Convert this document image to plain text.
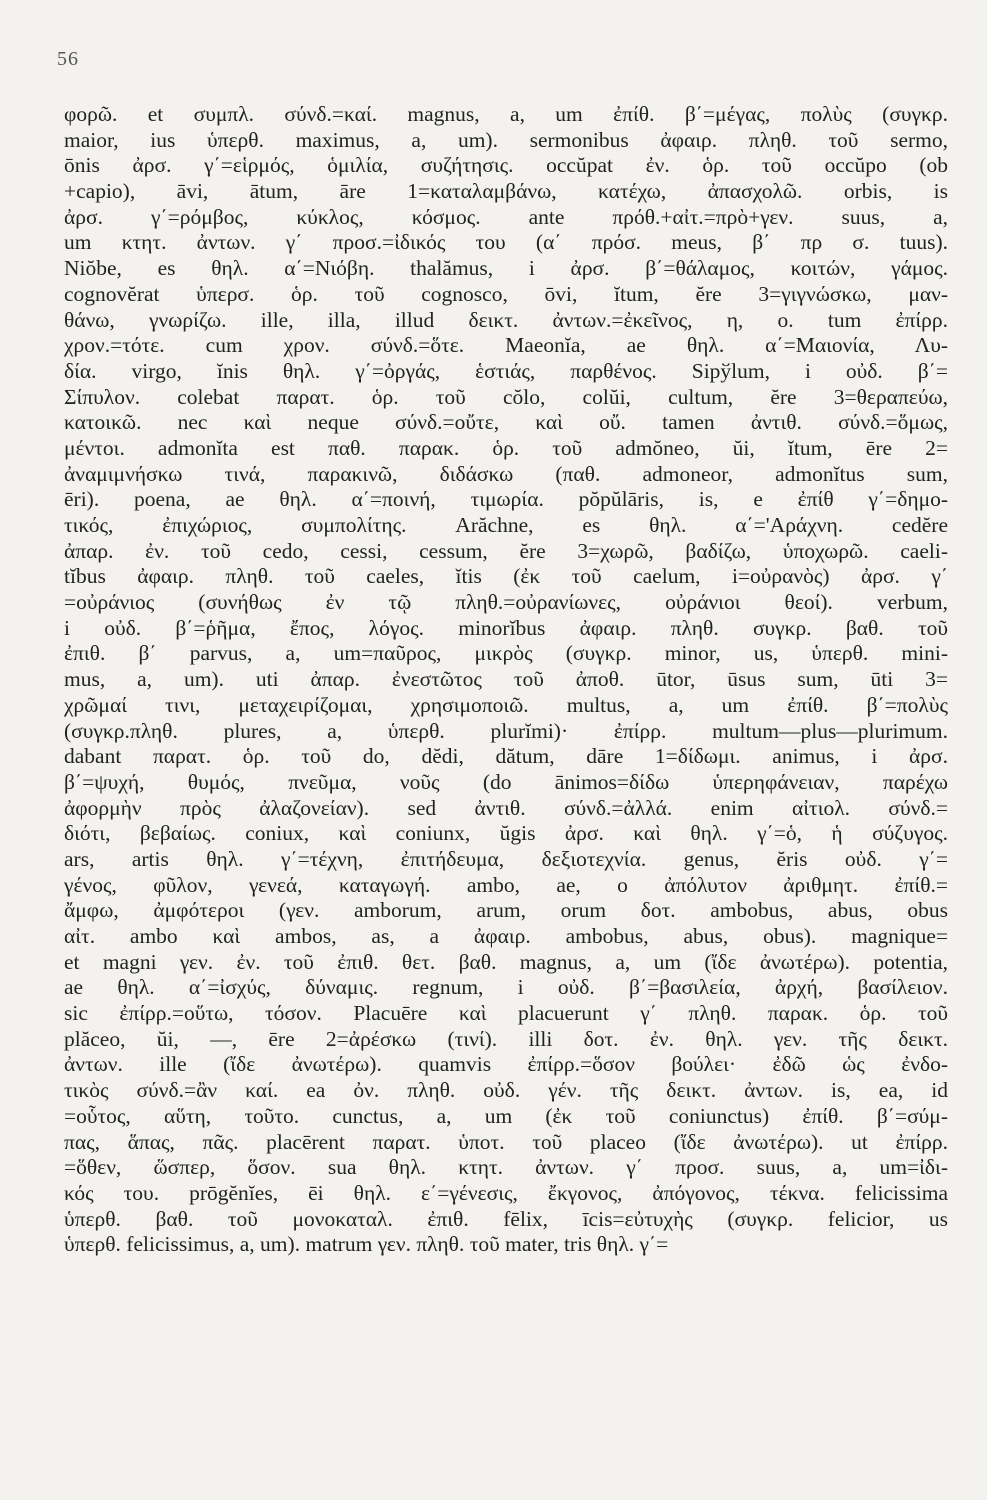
56
φορῶ. et συμπλ. σύνδ.=καί. magnus, a, um ἐπίθ. β΄=μέγας, πολὺς (συγκρ.
maior, ius ὑπερθ. maximus, a, um). sermonibus ἀφαιρ. πληθ. τοῦ sermo,
ōnis ἀρσ. γ΄=εἱρμός, ὁμιλία, συζήτησις. occŭpat ἐν. ὁρ. τοῦ occŭpo (ob
+capio), āvi, ātum, āre 1=καταλαμβάνω, κατέχω, ἀπασχολῶ. orbis, is
ἀρσ. γ΄=ρόμβος, κύκλος, κόσμος. ante πρόθ.+αἰτ.=πρὸ+γεν. suus, a,
um κτητ. ἀντων. γ΄ προσ.=ἰδικός του (α΄ πρόσ. meus, β΄ πρ σ. tuus).
Niŏbe, es θηλ. α΄=Νιόβη. thalămus, i ἀρσ. β΄=θάλαμος, κοιτών, γάμος.
cognovĕrat ὑπερσ. ὁρ. τοῦ cognosco, ōvi, ĭtum, ĕre 3=γιγνώσκω, μαν-
θάνω, γνωρίζω. ille, illa, illud δεικτ. ἀντων.=ἐκεῖνος, η, ο. tum ἐπίρρ.
χρον.=τότε. cum χρον. σύνδ.=ὅτε. Maeonĭa, ae θηλ. α΄=Μαιονία, Λυ-
δία. virgo, ĭnis θηλ. γ΄=ὀργάς, ἑστιάς, παρθένος. Sipўlum, i οὐδ. β΄=
Σίπυλον. colebat παρατ. ὁρ. τοῦ cŏlo, colŭi, cultum, ĕre 3=θεραπεύω,
κατοικῶ. nec καὶ neque σύνδ.=οὔτε, καὶ οὔ. tamen ἀντιθ. σύνδ.=ὅμως,
μέντοι. admonĭta est παθ. παρακ. ὁρ. τοῦ admŏneo, ŭi, ĭtum, ēre 2=
ἀναμιμνήσκω τινά, παρακινῶ, διδάσκω (παθ. admoneor, admonĭtus sum,
ēri). poena, ae θηλ. α΄=ποινή, τιμωρία. pŏpŭlāris, is, e ἐπίθ γ΄=δημο-
τικός, ἐπιχώριος, συμπολίτης. Arăchne, es θηλ. α΄='Αράχνη. cedĕre
ἀπαρ. ἐν. τοῦ cedo, cessi, cessum, ĕre 3=χωρῶ, βαδίζω, ὑποχωρῶ. caeli-
tĭbus ἀφαιρ. πληθ. τοῦ caeles, ĭtis (ἐκ τοῦ caelum, i=οὐρανὸς) ἀρσ. γ΄
=οὐράνιος (συνήθως ἐν τῷ πληθ.=οὐρανίωνες, οὐράνιοι θεοί). verbum,
i οὐδ. β΄=ῥῆμα, ἔπος, λόγος. minorĭbus ἀφαιρ. πληθ. συγκρ. βαθ. τοῦ
ἐπιθ. β΄ parvus, a, um=παῦρος, μικρὸς (συγκρ. minor, us, ὑπερθ. mini-
mus, a, um). uti ἀπαρ. ἐνεστῶτος τοῦ ἀποθ. ūtor, ūsus sum, ūti 3=
χρῶμαί τινι, μεταχειρίζομαι, χρησιμοποιῶ. multus, a, um ἐπίθ. β΄=πολὺς
(συγκρ.πληθ. plures, a, ὑπερθ. plurĭmi)· ἐπίρρ. multum—plus—plurimum.
dabant παρατ. ὁρ. τοῦ do, dĕdi, dătum, dāre 1=δίδωμι. animus, i ἀρσ.
β΄=ψυχή, θυμός, πνεῦμα, νοῦς (do ānimos=δίδω ὑπερηφάνειαν, παρέχω
ἀφορμὴν πρὸς ἀλαζονείαν). sed ἀντιθ. σύνδ.=ἀλλά. enim αἰτιολ. σύνδ.=
διότι, βεβαίως. coniux, καὶ coniunx, ŭgis ἀρσ. καὶ θηλ. γ΄=ὁ, ἡ σύζυγος.
ars, artis θηλ. γ΄=τέχνη, ἐπιτήδευμα, δεξιοτεχνία. genus, ĕris οὐδ. γ΄=
γένος, φῦλον, γενεά, καταγωγή. ambo, ae, o ἀπόλυτον ἀριθμητ. ἐπίθ.=
ἄμφω, ἀμφότεροι (γεν. amborum, arum, orum δοτ. ambobus, abus, obus
αἰτ. ambo καὶ ambos, as, a ἀφαιρ. ambobus, abus, obus). magnique=
et magni γεν. ἐν. τοῦ ἐπιθ. θετ. βαθ. magnus, a, um (ἴδε ἀνωτέρω). potentia,
ae θηλ. α΄=ἰσχύς, δύναμις. regnum, i οὐδ. β΄=βασιλεία, ἀρχή, βασίλειον.
sic ἐπίρρ.=οὕτω, τόσον. Placuēre καὶ placuerunt γ΄ πληθ. παρακ. ὁρ. τοῦ
plăceo, ŭi, —, ēre 2=ἀρέσκω (τινί). illi δοτ. ἐν. θηλ. γεν. τῆς δεικτ.
ἀντων. ille (ἴδε ἀνωτέρω). quamvis ἐπίρρ.=ὅσον βούλει· ἐδῶ ὡς ἐνδο-
τικὸς σύνδ.=ἂν καί. ea ὀν. πληθ. οὐδ. γέν. τῆς δεικτ. ἀντων. is, ea, id
=οὗτος, αὕτη, τοῦτο. cunctus, a, um (ἐκ τοῦ coniunctus) ἐπίθ. β΄=σύμ-
πας, ἅπας, πᾶς. placērent παρατ. ὑποτ. τοῦ placeo (ἴδε ἀνωτέρω). ut ἐπίρρ.
=ὅθεν, ὥσπερ, ὅσον. sua θηλ. κτητ. ἀντων. γ΄ προσ. suus, a, um=ἰδι-
κός του. prōgĕnĭes, ēi θηλ. ε΄=γένεσις, ἔκγονος, ἀπόγονος, τέκνα. felicissima
ὑπερθ. βαθ. τοῦ μονοκαταλ. ἐπιθ. fēlix, īcis=εὐτυχὴς (συγκρ. felicior, us
ὑπερθ. felicissimus, a, um). matrum γεν. πληθ. τοῦ mater, tris θηλ. γ΄=
